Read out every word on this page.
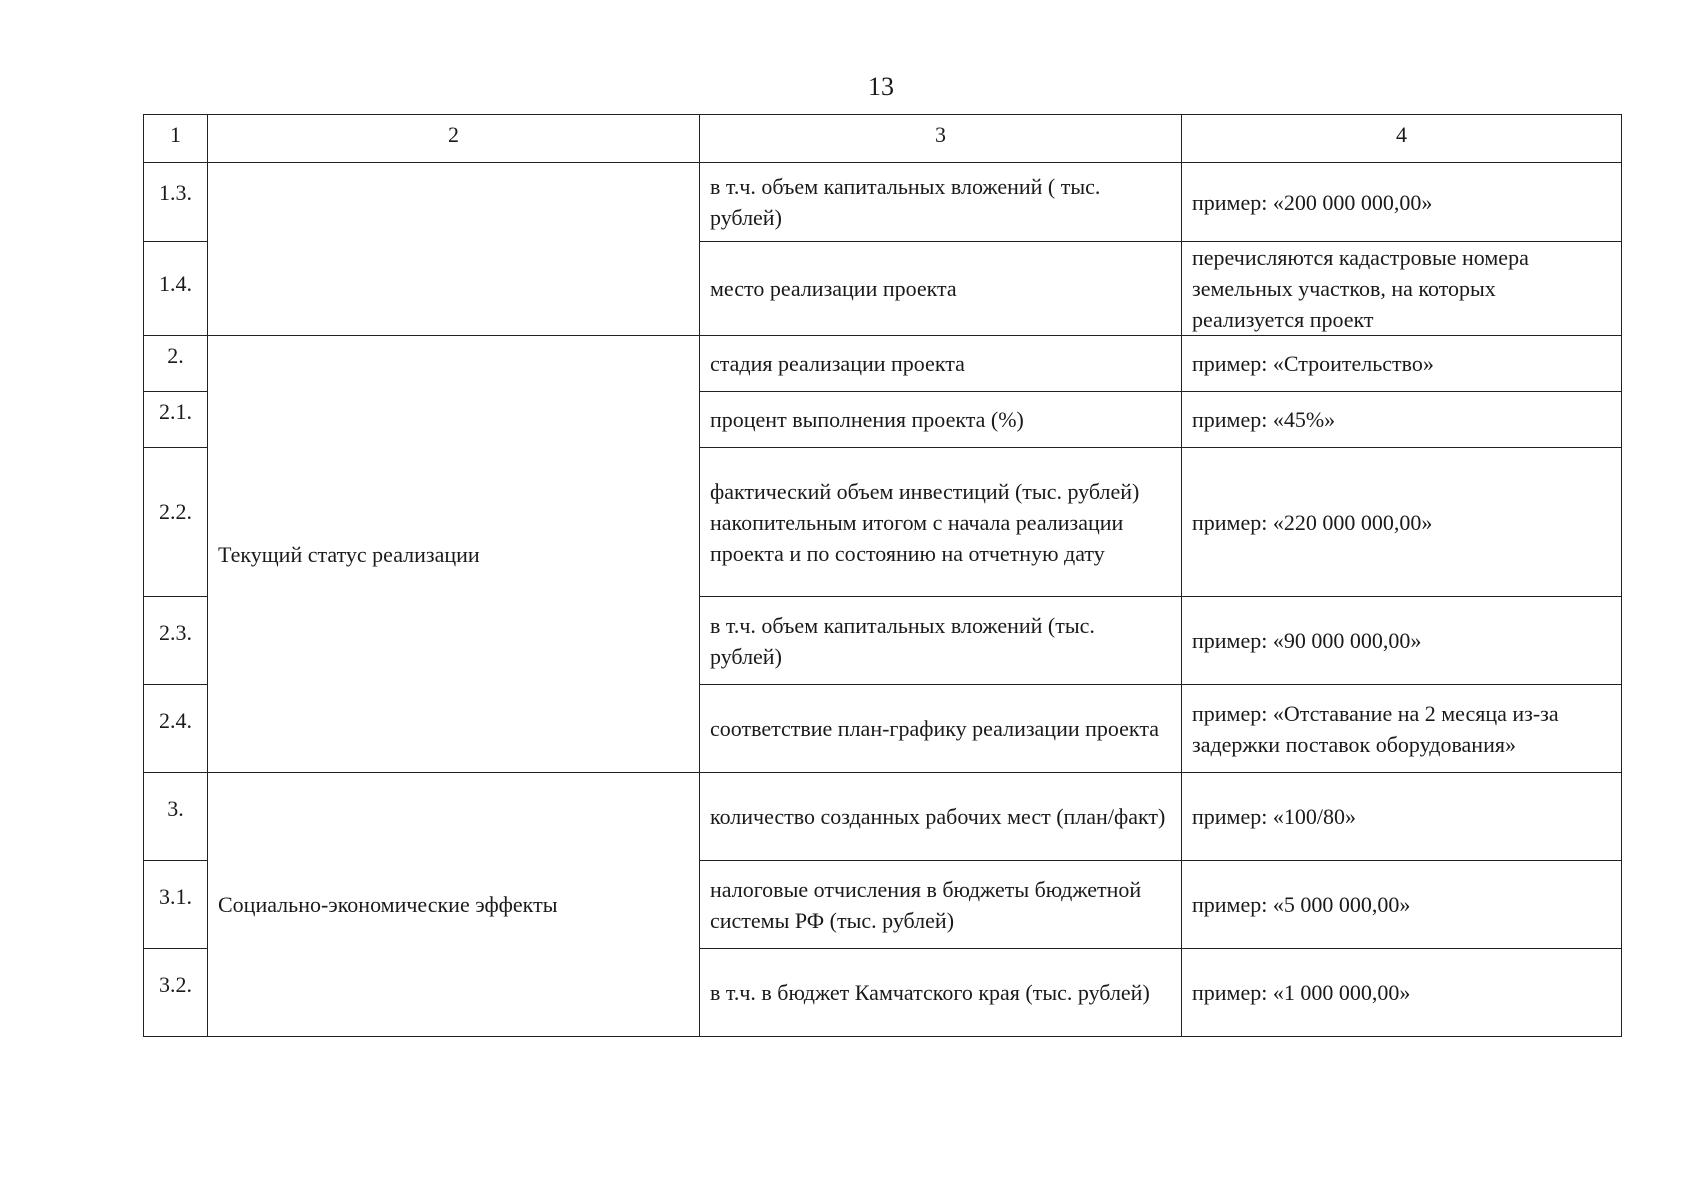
13
1	2	3	4
1.3.		в т.ч. объем капитальных вложений ( тыс. рублей)	пример: «200 000 000,00»
1.4.		место реализации проекта	перечисляются кадастровые номера земельных участков, на которых реализуется проект
2.	Текущий статус реализации	стадия реализации проекта	пример: «Строительство»
2.1.		процент выполнения проекта (%)	пример: «45%»
2.2.		фактический объем инвестиций (тыс. рублей) накопительным итогом с начала реализации проекта и по состоянию на отчетную дату	пример: «220 000 000,00»
2.3.		в т.ч. объем капитальных вложений (тыс. рублей)	пример: «90 000 000,00»
2.4.		соответствие план-графику реализации проекта	пример: «Отставание на 2 месяца из-за задержки поставок оборудования»
3.	Социально-экономические эффекты	количество созданных рабочих мест (план/факт)	пример: «100/80»
3.1.		налоговые отчисления в бюджеты бюджетной системы РФ (тыс. рублей)	пример: «5 000 000,00»
3.2.		в т.ч. в бюджет Камчатского края (тыс. рублей)	пример: «1 000 000,00»
